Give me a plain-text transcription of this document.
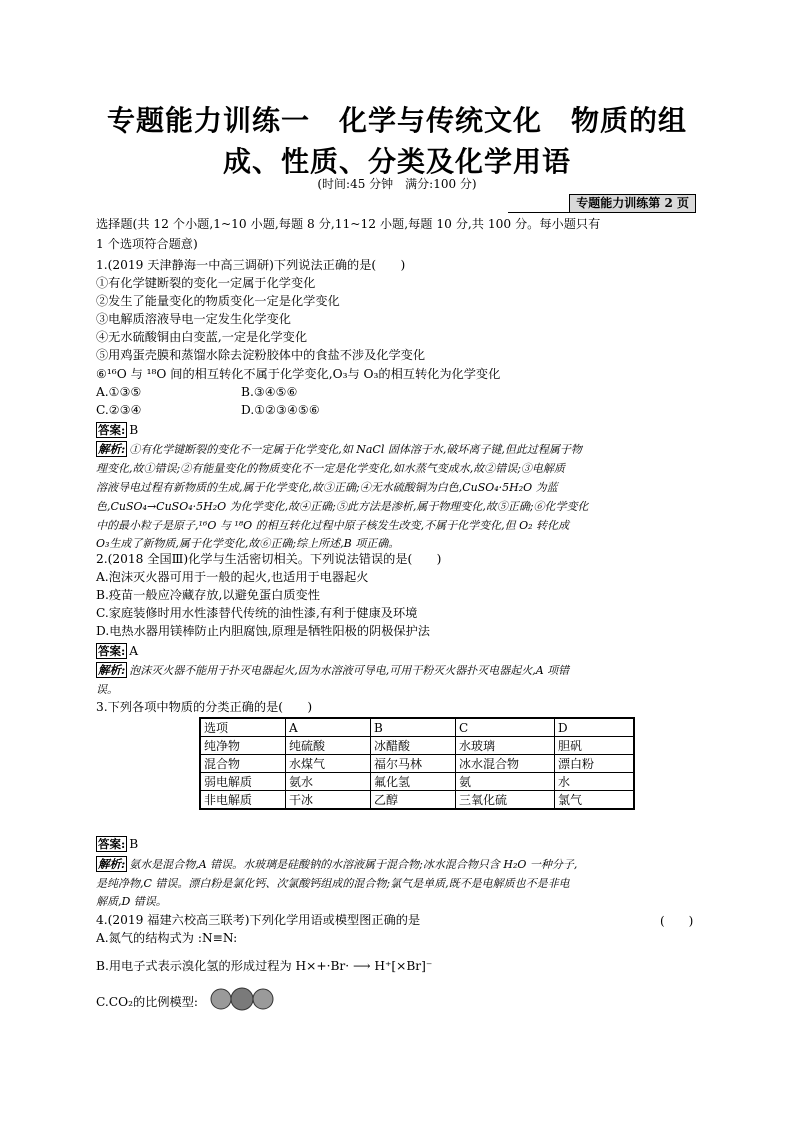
专题能力训练一　化学与传统文化　物质的组
成、性质、分类及化学用语
(时间:45 分钟　满分:100 分)
专题能力训练第 2 页
选择题(共 12 个小题,1~10 小题,每题 8 分,11~12 小题,每题 10 分,共 100 分。每小题只有
1 个选项符合题意)
1.(2019 天津静海一中高三调研)下列说法正确的是(　　)
①有化学键断裂的变化一定属于化学变化
②发生了能量变化的物质变化一定是化学变化
③电解质溶液导电一定发生化学变化
④无水硫酸铜由白变蓝,一定是化学变化
⑤用鸡蛋壳膜和蒸馏水除去淀粉胶体中的食盐不涉及化学变化
⑥¹⁶O 与 ¹⁸O 间的相互转化不属于化学变化,O₃与 O₃的相互转化为化学变化
A.①③⑤	B.③④⑤⑥
C.②③④	D.①②③④⑤⑥
答案: B
解析: ①有化学键断裂的变化不一定属于化学变化,如 NaCl 固体溶于水,破坏离子键,但此过程属于物
理变化,故①错误;②有能量变化的物质变化不一定是化学变化,如水蒸气变成水,故②错误;③电解质
溶液导电过程有新物质的生成,属于化学变化,故③正确;④无水硫酸铜为白色,CuSO₄·5H₂O 为蓝
色,CuSO₄→CuSO₄·5H₂O 为化学变化,故④正确;⑤此方法是渗析,属于物理变化,故⑤正确;⑥化学变化
中的最小粒子是原子,¹⁶O 与 ¹⁸O 的相互转化过程中原子核发生改变,不属于化学变化,但 O₂ 转化成
O₃生成了新物质,属于化学变化,故⑥正确;综上所述,B 项正确。
2.(2018 全国Ⅲ)化学与生活密切相关。下列说法错误的是(　　)
A.泡沫灭火器可用于一般的起火,也适用于电器起火
B.疫苗一般应冷藏存放,以避免蛋白质变性
C.家庭装修时用水性漆替代传统的油性漆,有利于健康及环境
D.电热水器用镁棒防止内胆腐蚀,原理是牺牲阳极的阴极保护法
答案: A
解析: 泡沫灭火器不能用于扑灭电器起火,因为水溶液可导电,可用干粉灭火器扑灭电器起火,A 项错
误。
3.下列各项中物质的分类正确的是(　　)
选项	A	B	C	D
纯净物	纯硫酸	冰醋酸	水玻璃	胆矾
混合物	水煤气	福尔马林	冰水混合物	漂白粉
弱电解质	氨水	氟化氢	氨	水
非电解质	干冰	乙醇	三氧化硫	氯气
答案: B
解析: 氨水是混合物,A 错误。水玻璃是硅酸钠的水溶液属于混合物;冰水混合物只含 H₂O 一种分子,
是纯净物,C 错误。漂白粉是氯化钙、次氯酸钙组成的混合物;氯气是单质,既不是电解质也不是非电
解质,D 错误。
4.(2019 福建六校高三联考)下列化学用语或模型图正确的是	(　　)
A.氮气的结构式为 :N≡N:
B.用电子式表示溴化氢的形成过程为 H×+·Br· ⟶ H⁺[×Br]⁻
C.CO₂的比例模型:
